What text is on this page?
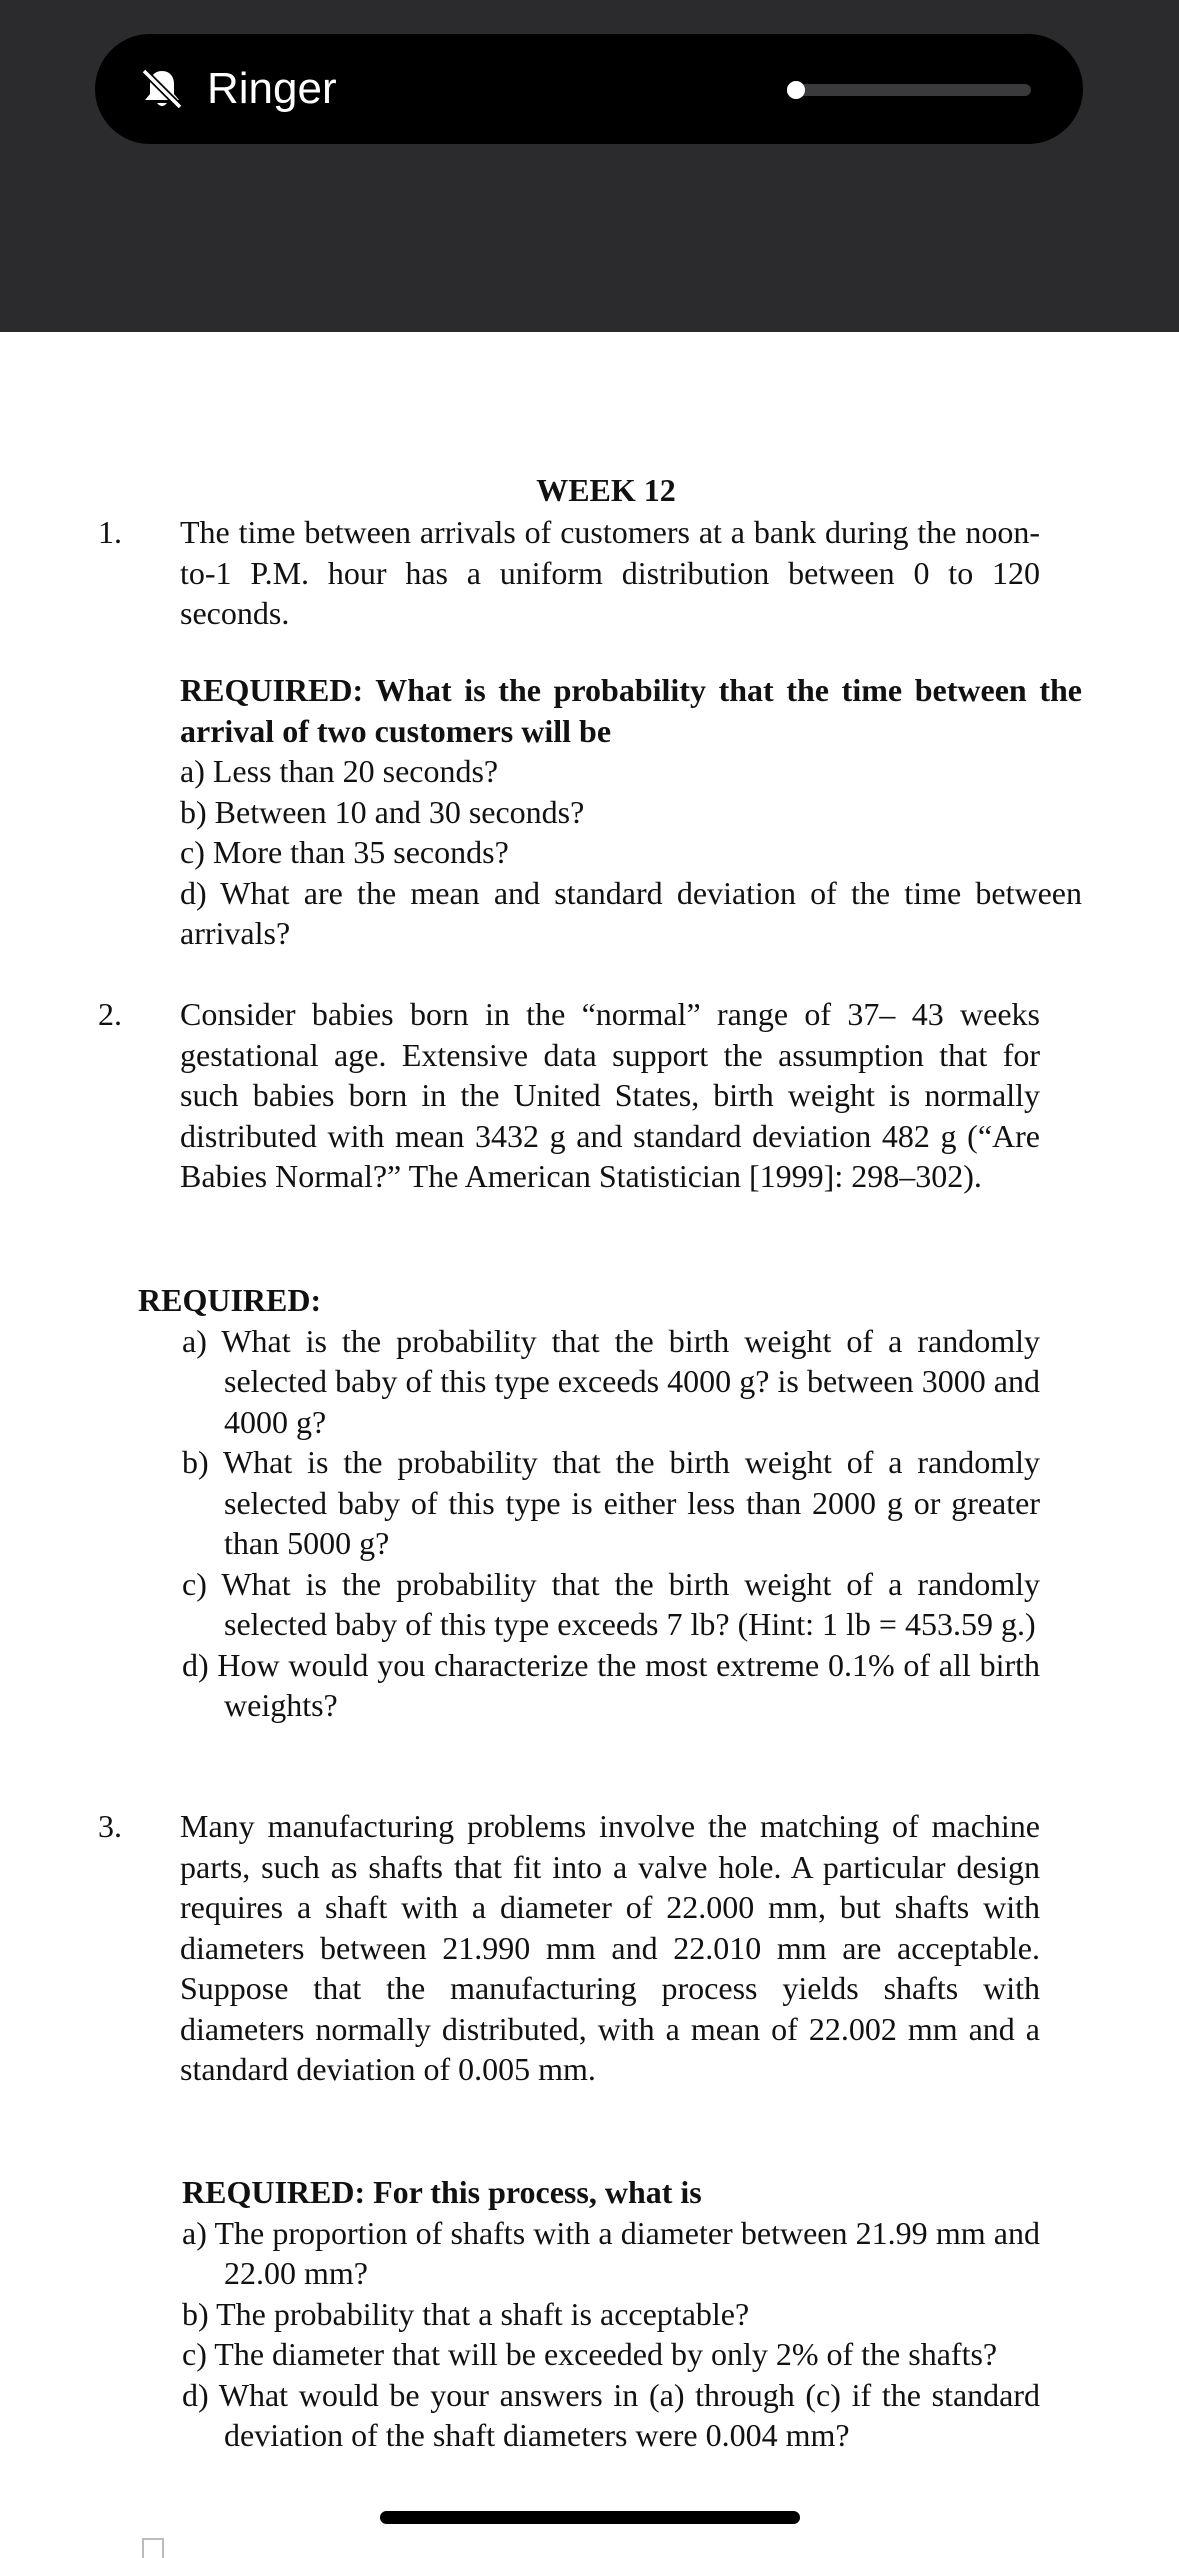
Ringer
WEEK 12
1.	The time between arrivals of customers at a bank during the noon-to-1 P.M. hour has a uniform distribution between 0 to 120 seconds.
REQUIRED: What is the probability that the time between the arrival of two customers will be
a) Less than 20 seconds?
b) Between 10 and 30 seconds?
c) More than 35 seconds?
d) What are the mean and standard deviation of the time between arrivals?
2.	Consider babies born in the “normal” range of 37– 43 weeks gestational age. Extensive data support the assumption that for such babies born in the United States, birth weight is normally distributed with mean 3432 g and standard deviation 482 g (“Are Babies Normal?” The American Statistician [1999]: 298–302).
REQUIRED:
a) What is the probability that the birth weight of a randomly selected baby of this type exceeds 4000 g? is between 3000 and 4000 g?
b) What is the probability that the birth weight of a randomly selected baby of this type is either less than 2000 g or greater than 5000 g?
c) What is the probability that the birth weight of a randomly selected baby of this type exceeds 7 lb? (Hint: 1 lb = 453.59 g.)
d) How would you characterize the most extreme 0.1% of all birth weights?
3.	Many manufacturing problems involve the matching of machine parts, such as shafts that fit into a valve hole. A particular design requires a shaft with a diameter of 22.000 mm, but shafts with diameters between 21.990 mm and 22.010 mm are acceptable. Suppose that the manufacturing process yields shafts with diameters normally distributed, with a mean of 22.002 mm and a standard deviation of 0.005 mm.
REQUIRED: For this process, what is
a) The proportion of shafts with a diameter between 21.99 mm and 22.00 mm?
b) The probability that a shaft is acceptable?
c) The diameter that will be exceeded by only 2% of the shafts?
d) What would be your answers in (a) through (c) if the standard deviation of the shaft diameters were 0.004 mm?
